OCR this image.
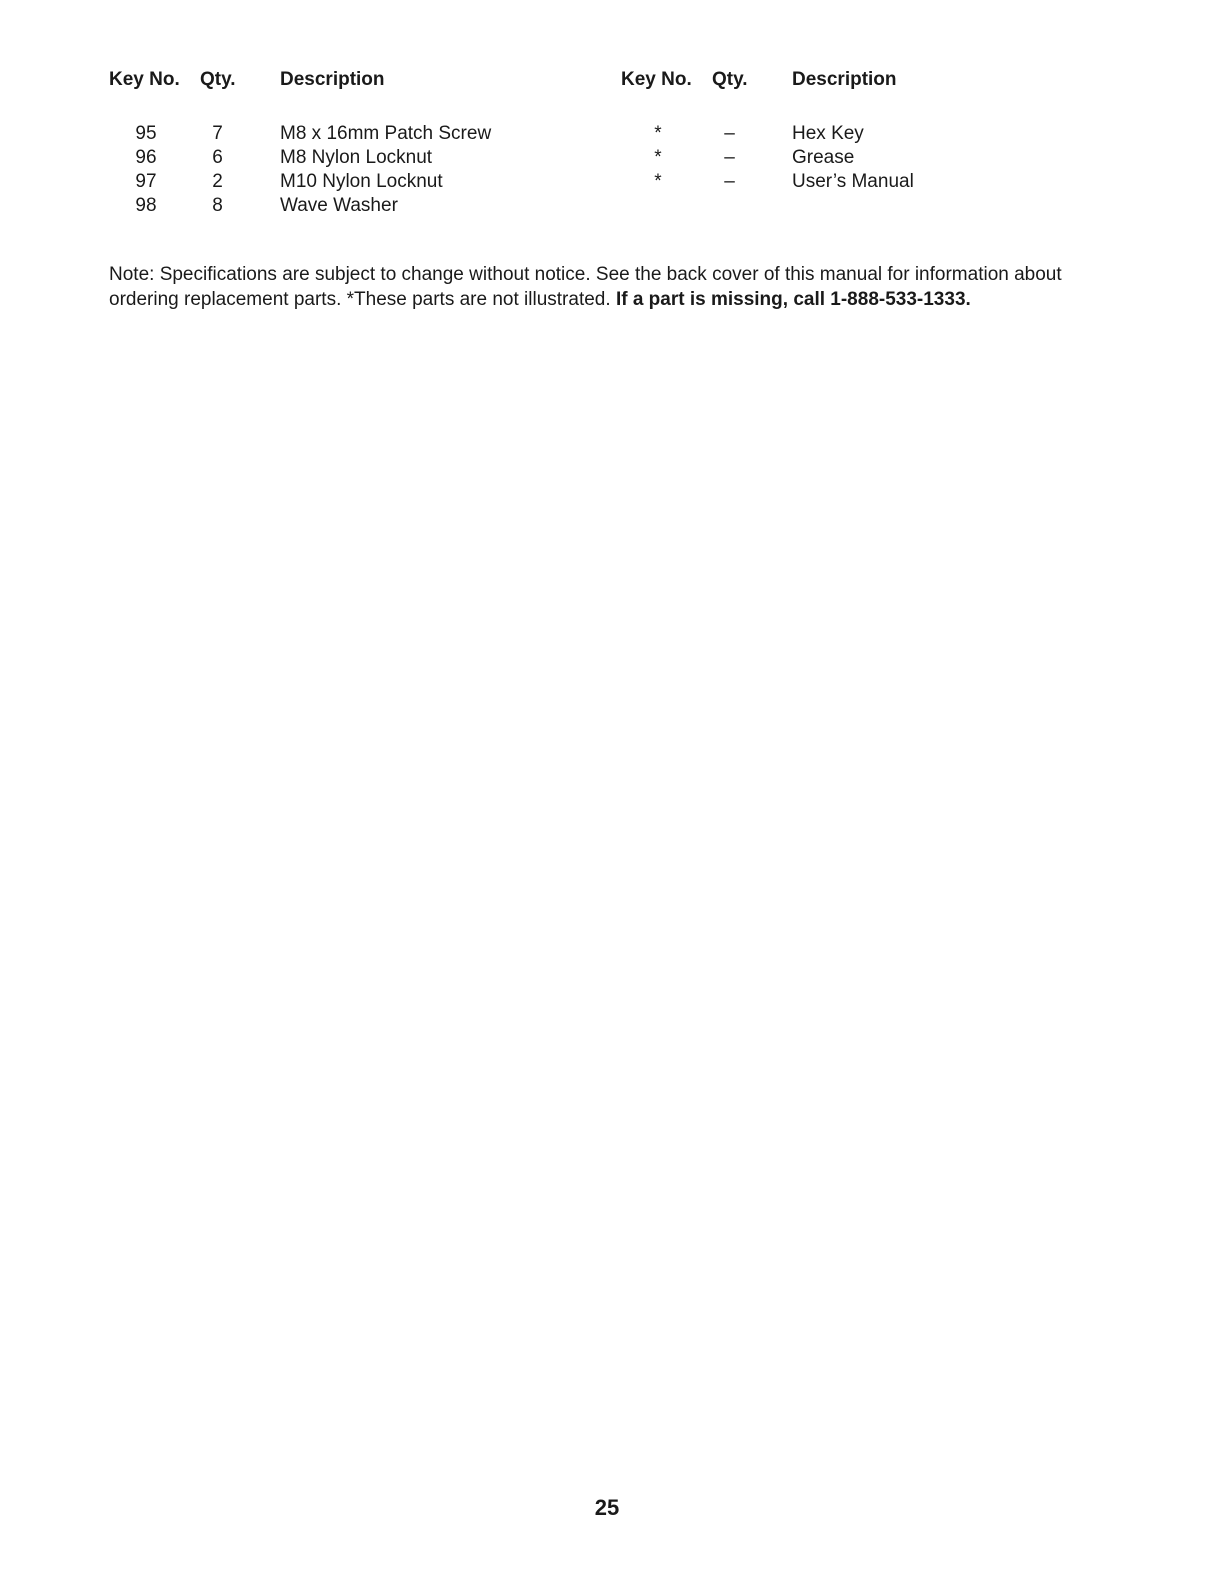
Key No. Qty. Description
95	7	M8 x 16mm Patch Screw
96	6	M8 Nylon Locknut
97	2	M10 Nylon Locknut
98	8	Wave Washer
Key No. Qty. Description
*	–	Hex Key
*	–	Grease
*	–	User’s Manual

Note: Specifications are subject to change without notice. See the back cover of this manual for information about ordering replacement parts. *These parts are not illustrated. If a part is missing, call 1-888-533-1333.

25
